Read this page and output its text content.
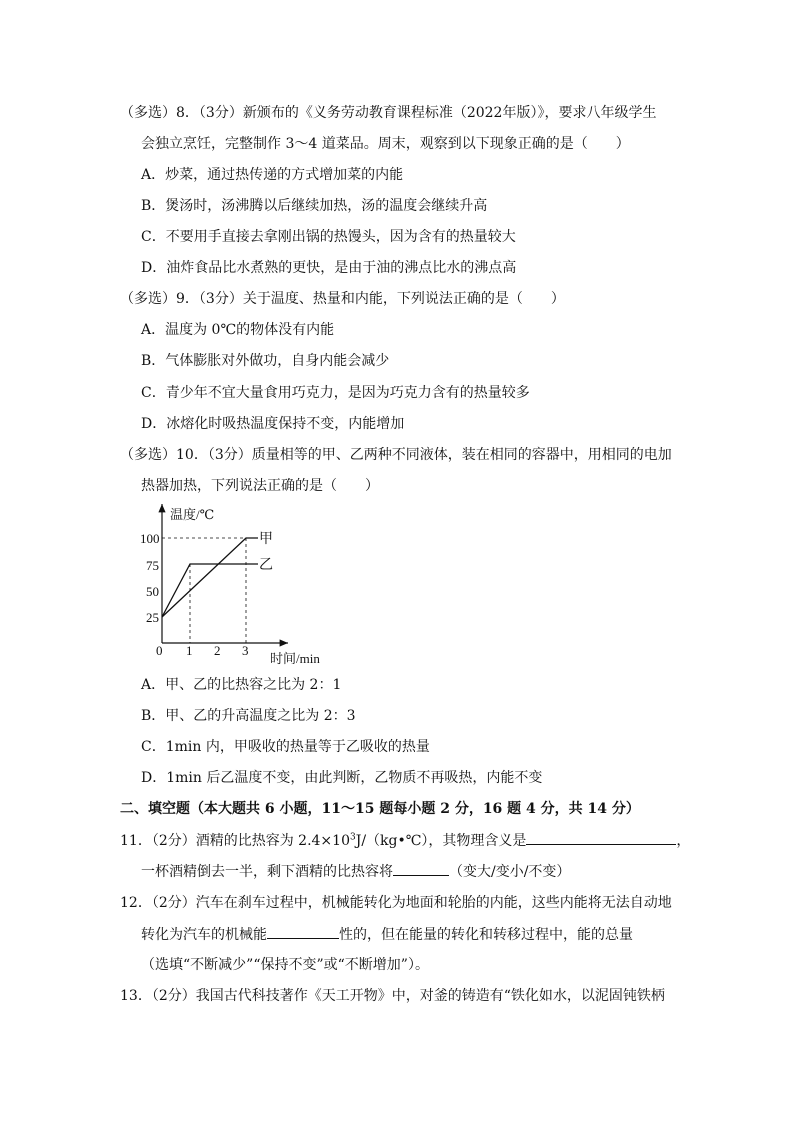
（多选）8．（3分）新颁布的《义务劳动教育课程标准（2022年版）》，要求八年级学生
会独立烹饪，完整制作 3～4 道菜品。周末，观察到以下现象正确的是（　　）
A．炒菜，通过热传递的方式增加菜的内能
B．煲汤时，汤沸腾以后继续加热，汤的温度会继续升高
C．不要用手直接去拿刚出锅的热馒头，因为含有的热量较大
D．油炸食品比水煮熟的更快，是由于油的沸点比水的沸点高
（多选）9．（3分）关于温度、热量和内能，下列说法正确的是（　　）
A．温度为 0℃的物体没有内能
B．气体膨胀对外做功，自身内能会减少
C．青少年不宜大量食用巧克力，是因为巧克力含有的热量较多
D．冰熔化时吸热温度保持不变，内能增加
（多选）10．（3分）质量相等的甲、乙两种不同液体，装在相同的容器中，用相同的电加
热器加热，下列说法正确的是（　　）
温度/℃
时间/min
100
75
50
25
0 1 2 3
甲
乙
A．甲、乙的比热容之比为 2：1
B．甲、乙的升高温度之比为 2：3
C．1min 内，甲吸收的热量等于乙吸收的热量
D．1min 后乙温度不变，由此判断，乙物质不再吸热，内能不变
二、填空题（本大题共 6 小题，11～15 题每小题 2 分，16 题 4 分，共 14 分）
11．（2分）酒精的比热容为 $2.4\times 10^3J/(kg•℃)$，其物理含义是	，
一杯酒精倒去一半，剩下酒精的比热容将	（变大/变小/不变）
12．（2分）汽车在刹车过程中，机械能转化为地面和轮胎的内能，这些内能将无法自动地
转化为汽车的机械能	性的，但在能量的转化和转移过程中，能的总量
（选填“不断减少”“保持不变”或“不断增加”）。
13．（2分）我国古代科技著作《天工开物》中，对釜的铸造有“铁化如水，以泥固钝铁柄
